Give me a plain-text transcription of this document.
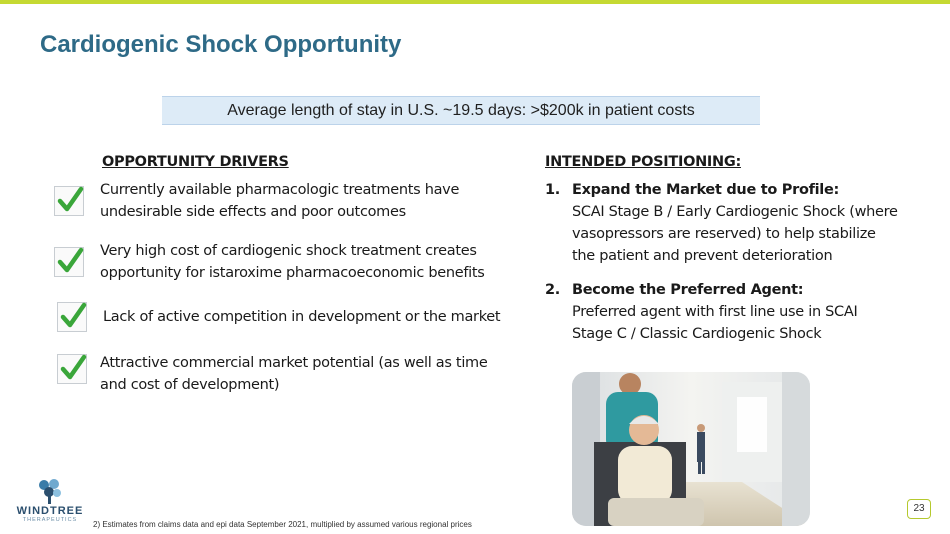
Cardiogenic Shock Opportunity
Average length of stay in U.S. ~19.5 days: >$200k in patient costs
OPPORTUNITY DRIVERS
Currently available pharmacologic treatments have
undesirable side effects and poor outcomes
Very high cost of cardiogenic shock treatment creates
opportunity for istaroxime pharmacoeconomic benefits
Lack of active competition in development or the market
Attractive commercial market potential (as well as time
and cost of development)
INTENDED POSITIONING:
1. Expand the Market due to Profile:
SCAI Stage B / Early Cardiogenic Shock (where
vasopressors are reserved) to help stabilize
the patient and prevent deterioration
2. Become the Preferred Agent:
Preferred agent with first line use in SCAI
Stage C / Classic Cardiogenic Shock
WINDTREE
THERAPEUTICS	2) Estimates from claims data and epi data September 2021, multiplied by assumed various regional prices
23
